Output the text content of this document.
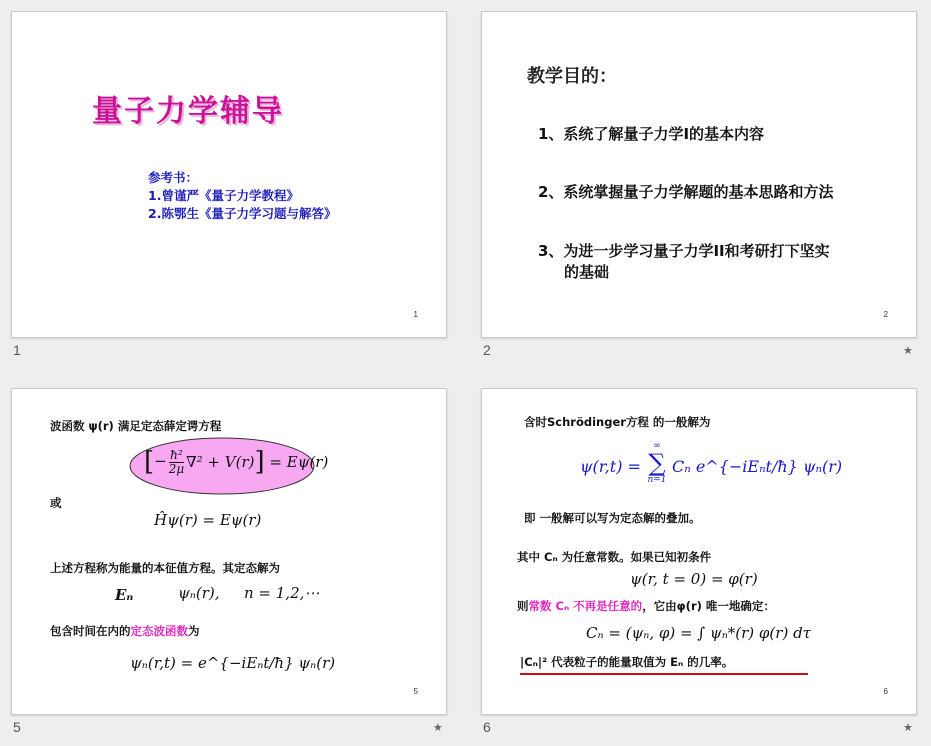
量子力学辅导
参考书：
1.曾谨严《量子力学教程》
2.陈鄂生《量子力学习题与解答》
1
1
教学目的：
1、系统了解量子力学I的基本内容
2、系统掌握量子力学解题的基本思路和方法
3、为进一步学习量子力学II和考研打下坚实
的基础
2
2	★
波函数 ψ(r) 满足定态薛定谔方程
[− $\frac{\text{ħ²}}{2\mu} \nabla^2 + V(r)] = E\psi(r)$
或
Ĥψ(r) = Eψ(r)
上述方程称为能量的本征值方程。其定态解为
Eₙ	ψₙ(r), n = 1,2,⋯
包含时间在内的定态波函数为
ψₙ(r,t) = e^{−iEₙt/ħ} ψₙ(r)
5
5	★
含时Schrödinger方程 的一般解为
ψ(r,t) =
∞
∑
n=1
Cₙ e^{−iEₙt/ħ} ψₙ(r)
即 一般解可以写为定态解的叠加。
其中 Cₙ 为任意常数。如果已知初条件
ψ(r, t = 0) = φ(r)
则常数 Cₙ 不再是任意的，它由φ(r) 唯一地确定：
Cₙ = (ψₙ, φ) = ∫ ψₙ*(r) φ(r) dτ
|Cₙ|² 代表粒子的能量取值为 Eₙ 的几率。
6
6	★
